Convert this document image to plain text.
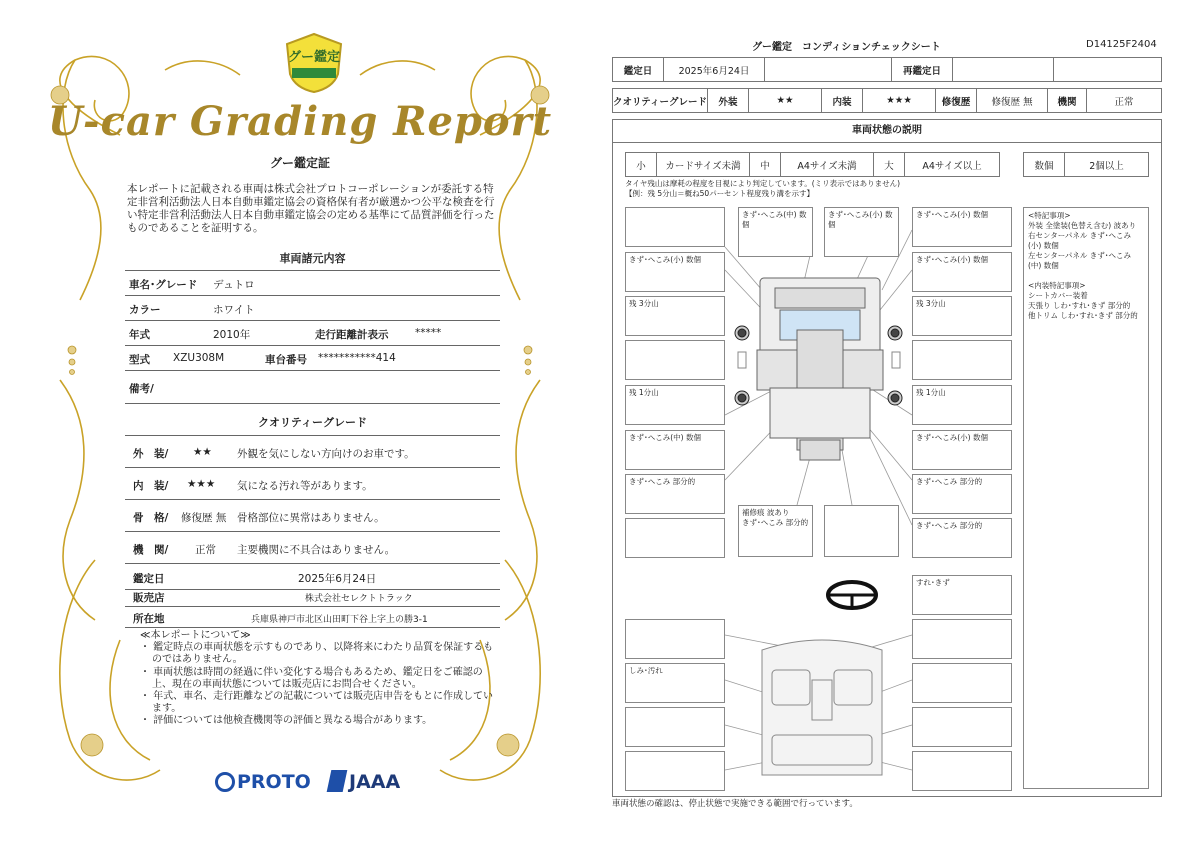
グー鑑定
U-car Grading Report
グー鑑定証
本レポートに記載される車両は株式会社プロトコーポレーションが委託する特定非営利活動法人日本自動車鑑定協会の資格保有者が厳選かつ公平な検査を行い特定非営利活動法人日本自動車鑑定協会の定める基準にて品質評価を行ったものであることを証明する。
車両諸元内容
車名･グレード デュトロ
カラー	ホワイト
年式	2010年	走行距離計表示	*****
型式 XZU308M	車台番号 ***********414
備考/
クオリティーグレード
外　装/ ★★ 外観を気にしない方向けのお車です。
内　装/ ★★★ 気になる汚れ等があります。
骨　格/ 修復歴 無 骨格部位に異常はありません。
機　関/	正常 主要機関に不具合はありません。
鑑定日	2025年6月24日
販売店	株式会社セレクトトラック
所在地	兵庫県神戸市北区山田町下谷上字上の勝3-1
≪本レポートについて≫
・ 鑑定時点の車両状態を示すものであり、以降将来にわたり品質を保証するものではありません。
・ 車両状態は時間の経過に伴い変化する場合もあるため、鑑定日をご確認の上、現在の車両状態については販売店にお問合せください。
・ 年式、車名、走行距離などの記載については販売店申告をもとに作成しています。
・ 評価については他検査機関等の評価と異なる場合があります。
PROTO JAAA
グー鑑定　コンディションチェックシート	D14125F2404
鑑定日	2025年6月24日		再鑑定日		
クオリティーグレード	外装	★★	内装	★★★	修復歴	修復歴 無	機関	正常
車両状態の説明
小	カードサイズ未満	中	A4サイズ未満	大	A4サイズ以上	数個	2個以上
タイヤ残山は摩耗の程度を目視により判定しています。(ミリ表示ではありません)
【例：残 5分山＝概ね50パーセント程度残り溝を示す】
きず･へこみ(中) 数個
きず･へこみ(小) 数個
きず･へこみ(小) 数個
きず･へこみ(小) 数個	きず･へこみ(小) 数個
残 3分山	残 3分山
残 1分山	残 1分山
きず･へこみ(中) 数個	きず･へこみ(小) 数個
きず･へこみ 部分的	きず･へこみ 部分的
補修痕 波あり
きず･へこみ 部分的	きず･へこみ 部分的
すれ･きず
しみ･汚れ
<特記事項>
外装 全塗装(色替え含む) 波あり
右センターパネル きず･へこみ(小) 数個
左センターパネル きず･へこみ(中) 数個

<内装特記事項>
シートカバー装着
天張り しわ･すれ･きず 部分的
他トリム しわ･すれ･きず 部分的
車両状態の確認は、停止状態で実施できる範囲で行っています。
